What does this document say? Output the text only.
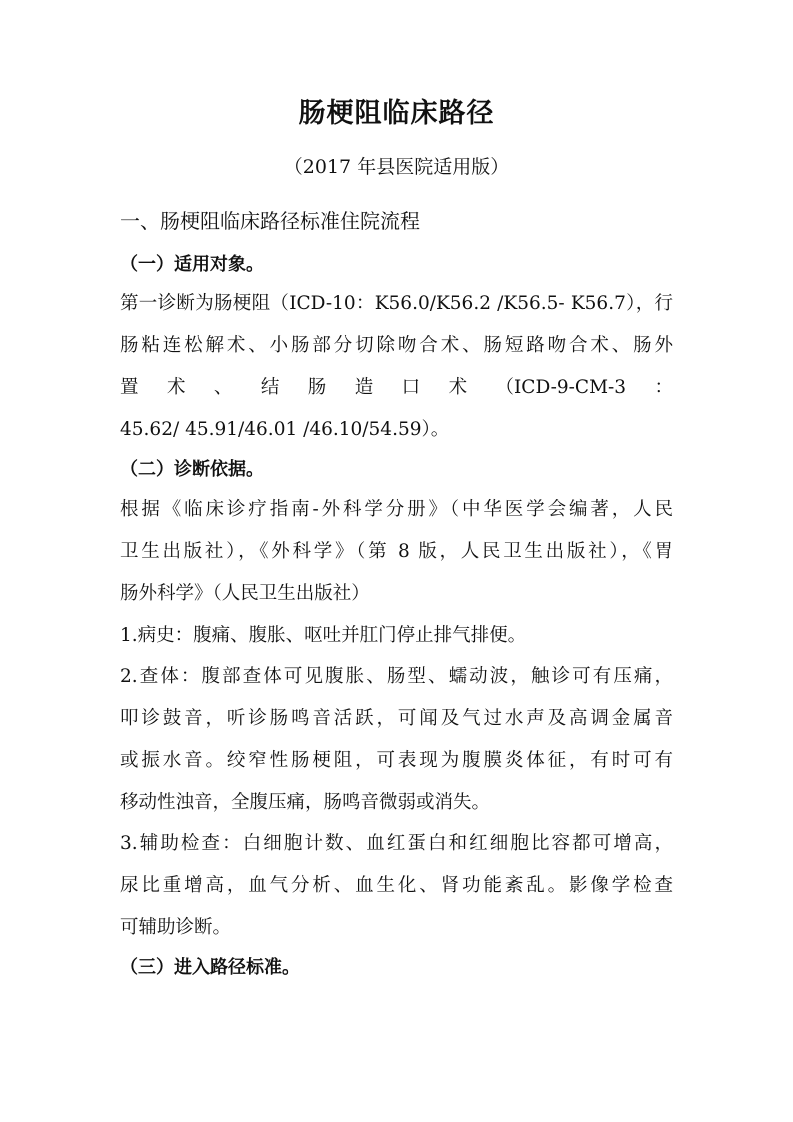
肠梗阻临床路径
（2017 年县医院适用版）
一、肠梗阻临床路径标准住院流程
（一）适用对象。
第一诊断为肠梗阻（ICD-10：K56.0/K56.2 /K56.5- K56.7），行
肠粘连松解术、小肠部分切除吻合术、肠短路吻合术、肠外
置 术 、 结 肠 造 口 术 （ICD-9-CM-3 ：
45.62/ 45.91/46.01 /46.10/54.59）。
（二）诊断依据。
根据《临床诊疗指南-外科学分册》（中华医学会编著，人民
卫生出版社），《外科学》（第 8 版，人民卫生出版社），《胃
肠外科学》（人民卫生出版社）
1.病史：腹痛、腹胀、呕吐并肛门停止排气排便。
2.查体：腹部查体可见腹胀、肠型、蠕动波，触诊可有压痛，
叩诊鼓音，听诊肠鸣音活跃，可闻及气过水声及高调金属音
或振水音。绞窄性肠梗阻，可表现为腹膜炎体征，有时可有
移动性浊音，全腹压痛，肠鸣音微弱或消失。
3.辅助检查：白细胞计数、血红蛋白和红细胞比容都可增高，
尿比重增高，血气分析、血生化、肾功能紊乱。影像学检查
可辅助诊断。
（三）进入路径标准。
